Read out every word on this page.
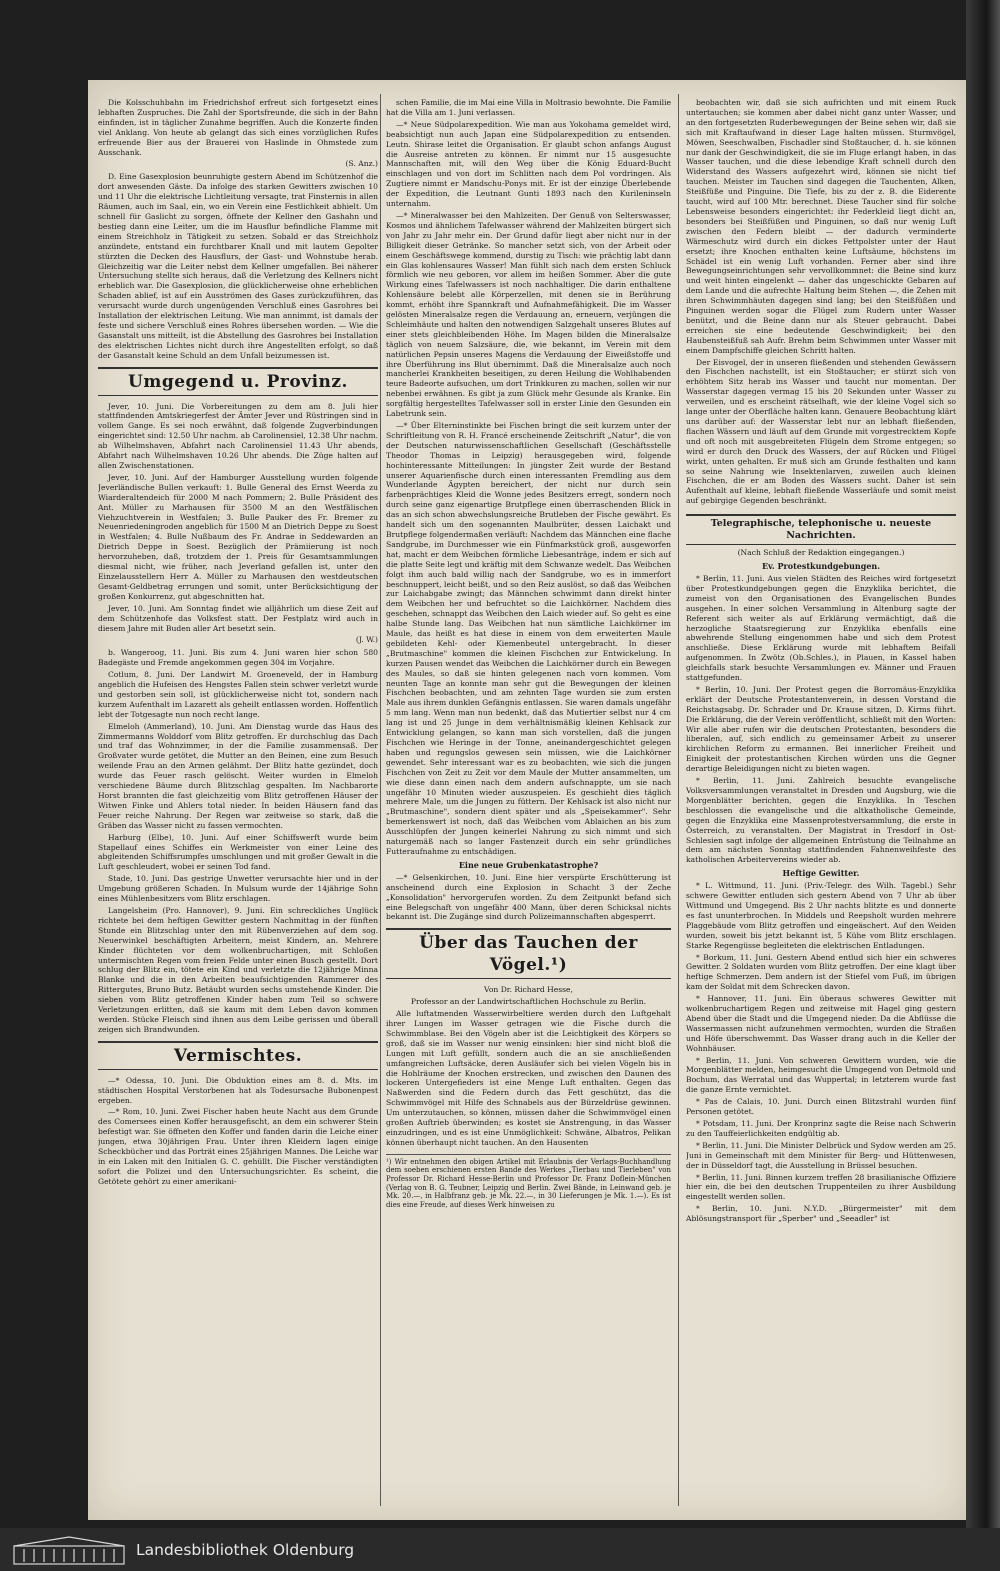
Die Kolsschuhbahn im Friedrichshof erfreut sich fortgesetzt eines lebhaften Zuspruches. Die Zahl der Sportsfreunde, die sich in der Bahn einfinden, ist in täglicher Zunahme begriffen. Auch die Konzerte finden viel Anklang. Von heute ab gelangt das sich eines vorzüglichen Rufes erfreuende Bier aus der Brauerei von Haslinde in Ohmstede zum Ausschank.

(S. Anz.)

D. Eine Gasexplosion beunruhigte gestern Abend im Schützenhof die dort anwesenden Gäste. Da infolge des starken Gewitters zwischen 10 und 11 Uhr die elektrische Lichtleitung versagte, trat Finsternis in allen Räumen, auch im Saal, ein, wo ein Verein eine Festlichkeit abhielt. Um schnell für Gaslicht zu sorgen, öffnete der Kellner den Gashahn und bestieg dann eine Leiter, um die im Hausflur befindliche Flamme mit einem Streichholz in Tätigkeit zu setzen. Sobald er das Streichholz anzündete, entstand ein furchtbarer Knall und mit lautem Gepolter stürzten die Decken des Hausflurs, der Gast- und Wohnstube herab. Gleichzeitig war die Leiter nebst dem Kellner umgefallen. Bei näherer Untersuchung stellte sich heraus, daß die Verletzung des Kellners nicht erheblich war. Die Gasexplosion, die glücklicherweise ohne erheblichen Schaden ablief, ist auf ein Ausströmen des Gases zurückzuführen, das verursacht wurde durch ungenügenden Verschluß eines Gasrohres bei Installation der elektrischen Leitung. Wie man annimmt, ist damals der feste und sichere Verschluß eines Rohres übersehen worden. — Wie die Gasanstalt uns mitteilt, ist die Abstellung des Gasrohres bei Installation des elektrischen Lichtes nicht durch ihre Angestellten erfolgt, so daß der Gasanstalt keine Schuld an dem Unfall beizumessen ist.

Umgegend u. Provinz.

Jever, 10. Juni. Die Vorbereitungen zu dem am 8. Juli hier stattfindenden Amtskriegerfest der Ämter Jever und Rüstringen sind in vollem Gange. Es sei noch erwähnt, daß folgende Zugverbindungen eingerichtet sind: 12.50 Uhr nachm. ab Carolinensiel, 12.38 Uhr nachm. ab Wilhelmshaven, Abfahrt nach Carolinensiel 11.43 Uhr abends, Abfahrt nach Wilhelmshaven 10.26 Uhr abends. Die Züge halten auf allen Zwischenstationen.

Jever, 10. Juni. Auf der Hamburger Ausstellung wurden folgende Jeverländische Bullen verkauft: 1. Bulle General des Ernst Weerda zu Wiarderaltendeich für 2000 M nach Pommern; 2. Bulle Präsident des Ant. Müller zu Marhausen für 3500 M an den Westfälischen Viehzuchtverein in Westfalen; 3. Bulle Pauker des Fr. Bremer zu Neuenriedeningroden angeblich für 1500 M an Dietrich Deppe zu Soest in Westfalen; 4. Bulle Nußbaum des Fr. Andrae in Seddewarden an Dietrich Deppe in Soest. Bezüglich der Prämiierung ist noch hervorzuheben, daß, trotzdem der 1. Preis für Gesamtsammlungen diesmal nicht, wie früher, nach Jeverland gefallen ist, unter den Einzelausstellern Herr A. Müller zu Marhausen den westdeutschen Gesamt-Geldbetrag errungen und somit, unter Berücksichtigung der großen Konkurrenz, gut abgeschnitten hat.

Jever, 10. Juni. Am Sonntag findet wie alljährlich um diese Zeit auf dem Schützenhofe das Volksfest statt. Der Festplatz wird auch in diesem Jahre mit Buden aller Art besetzt sein.

(J. W.)

b. Wangeroog, 11. Juni. Bis zum 4. Juni waren hier schon 580 Badegäste und Fremde angekommen gegen 304 im Vorjahre.

Cotlum, 8. Juni. Der Landwirt M. Groeneveld, der in Hamburg angeblich die Hufeisen des Hengstes Fallen stein schwer verletzt wurde und gestorben sein soll, ist glücklicherweise nicht tot, sondern nach kurzem Aufenthalt im Lazarett als geheilt entlassen worden. Hoffentlich lebt der Totgesagte nun noch recht lange.

Elmeloh (Ammerland), 10. Juni. Am Dienstag wurde das Haus des Zimmermanns Wolddorf vom Blitz getroffen. Er durchschlug das Dach und traf das Wohnzimmer, in der die Familie zusammensaß. Der Großvater wurde getötet, die Mutter an den Beinen, eine zum Besuch weilende Frau an den Armen gelähmt. Der Blitz hatte gezündet, doch wurde das Feuer rasch gelöscht. Weiter wurden in Elmeloh verschiedene Bäume durch Blitzschlag gespalten. Im Nachbarorte Horst brannten die fast gleichzeitig vom Blitz getroffenen Häuser der Witwen Finke und Ahlers total nieder. In beiden Häusern fand das Feuer reiche Nahrung. Der Regen war zeitweise so stark, daß die Gräben das Wasser nicht zu fassen vermochten.

Harburg (Elbe), 10. Juni. Auf einer Schiffswerft wurde beim Stapellauf eines Schiffes ein Werkmeister von einer Leine des abgleitenden Schiffsrumpfes umschlungen und mit großer Gewalt in die Luft geschleudert, wobei er seinen Tod fand.

Stade, 10. Juni. Das gestrige Unwetter verursachte hier und in der Umgebung größeren Schaden. In Mulsum wurde der 14jährige Sohn eines Mühlenbesitzers vom Blitz erschlagen.

Langelsheim (Pro. Hannover), 9. Juni. Ein schreckliches Unglück richtete bei dem heftigen Gewitter gestern Nachmittag in der fünften Stunde ein Blitzschlag unter den mit Rübenverziehen auf dem sog. Neuerwinkel beschäftigten Arbeitern, meist Kindern, an. Mehrere Kinder flüchteten vor dem wolkenbruchartigen, mit Schloßen untermischten Regen vom freien Felde unter einen Busch gestellt. Dort schlug der Blitz ein, tötete ein Kind und verletzte die 12jährige Minna Blanke und die in den Arbeiten beaufsichtigenden Rammerer des Rittergutes, Bruno Butz. Betäubt wurden sechs umstehende Kinder. Die sieben vom Blitz getroffenen Kinder haben zum Teil so schwere Verletzungen erlitten, daß sie kaum mit dem Leben davon kommen werden. Stücke Fleisch sind ihnen aus dem Leibe gerissen und überall zeigen sich Brandwunden.

Vermischtes.

—* Odessa, 10. Juni. Die Obduktion eines am 8. d. Mts. im städtischen Hospital Verstorbenen hat als Todesursache Bubonenpest ergeben.

—* Rom, 10. Juni. Zwei Fischer haben heute Nacht aus dem Grunde des Comersees einen Koffer herausgefischt, an dem ein schwerer Stein befestigt war. Sie öffneten den Koffer und fanden darin die Leiche einer jungen, etwa 30jährigen Frau. Unter ihren Kleidern lagen einige Scheckbücher und das Porträt eines 25jährigen Mannes. Die Leiche war in ein Laken mit den Initialen G. C. gehüllt. Die Fischer verständigten sofort die Polizei und den Untersuchungsrichter. Es scheint, die Getötete gehört zu einer amerikani-

schen Familie, die im Mai eine Villa in Moltrasio bewohnte. Die Familie hat die Villa am 1. Juni verlassen.

—* Neue Südpolarexpedition. Wie man aus Yokohama gemeldet wird, beabsichtigt nun auch Japan eine Südpolarexpedition zu entsenden. Leutn. Shirase leitet die Organisation. Er glaubt schon anfangs August die Ausreise antreten zu können. Er nimmt nur 15 ausgesuchte Mannschaften mit, will den Weg über die König Eduard-Bucht einschlagen und von dort im Schlitten nach dem Pol vordringen. Als Zugtiere nimmt er Mandschu-Ponys mit. Er ist der einzige Überlebende der Expedition, die Leutnant Gunti 1893 nach den Kurileninseln unternahm.

—* Mineralwasser bei den Mahlzeiten. Der Genuß von Selterswasser, Kosmos und ähnlichem Tafelwasser während der Mahlzeiten bürgert sich von Jahr zu Jahr mehr ein. Der Grund dafür liegt aber nicht nur in der Billigkeit dieser Getränke. So mancher setzt sich, von der Arbeit oder einem Geschäftswege kommend, durstig zu Tisch: wie prächtig labt dann ein Glas kohlensaures Wasser! Man fühlt sich nach dem ersten Schluck förmlich wie neu geboren, vor allem im heißen Sommer. Aber die gute Wirkung eines Tafelwassers ist noch nachhaltiger. Die darin enthaltene Kohlensäure belebt alle Körperzellen, mit denen sie in Berührung kommt, erhöht ihre Spannkraft und Aufnahmefähigkeit. Die im Wasser gelösten Mineralsalze regen die Verdauung an, erneuern, verjüngen die Schleimhäute und halten den notwendigen Salzgehalt unseres Blutes auf einer stets gleichbleibenden Höhe. Im Magen bilden die Mineralsalze täglich von neuem Salzsäure, die, wie bekannt, im Verein mit dem natürlichen Pepsin unseres Magens die Verdauung der Eiweißstoffe und ihre Überführung ins Blut übernimmt. Daß die Mineralsalze auch noch mancherlei Krankheiten beseitigen, zu deren Heilung die Wohlhabenden teure Badeorte aufsuchen, um dort Trinkkuren zu machen, sollen wir nur nebenbei erwähnen. Es gibt ja zum Glück mehr Gesunde als Kranke. Ein sorgfältig hergestelltes Tafelwasser soll in erster Linie den Gesunden ein Labetrunk sein.

—* Über Elterninstinkte bei Fischen bringt die seit kurzem unter der Schriftleitung von R. H. Francé erscheinende Zeitschrift „Natur", die von der Deutschen naturwissenschaftlichen Gesellschaft (Geschäftsstelle Theodor Thomas in Leipzig) herausgegeben wird, folgende hochinteressante Mitteilungen: In jüngster Zeit wurde der Bestand unserer Aquarienfische durch einen interessanten Fremdling aus dem Wunderlande Ägypten bereichert, der nicht nur durch sein farbenprächtiges Kleid die Wonne jedes Besitzers erregt, sondern noch durch seine ganz eigenartige Brutpflege einen überraschenden Blick in das an sich schon abwechslungsreiche Brutleben der Fische gewährt. Es handelt sich um den sogenannten Maulbrüter, dessen Laichakt und Brutpflege folgendermaßen verläuft: Nachdem das Männchen eine flache Sandgrube, im Durchmesser wie ein Fünfmarkstück groß, ausgeworfen hat, macht er dem Weibchen förmliche Liebesanträge, indem er sich auf die platte Seite legt und kräftig mit dem Schwanze wedelt. Das Weibchen folgt ihm auch bald willig nach der Sandgrube, wo es in immerfort beschnuppert, leicht beißt, und so den Reiz auslöst, so daß das Weibchen zur Laichabgabe zwingt; das Männchen schwimmt dann direkt hinter dem Weibchen her und befruchtet so die Laichkörner. Nachdem dies geschehen, schnappt das Weibchen den Laich wieder auf. So geht es eine halbe Stunde lang. Das Weibchen hat nun sämtliche Laichkörner im Maule, das heißt es hat diese in einem von dem erweiterten Maule gebildeten Kehl- oder Kiemenbeutel untergebracht. In dieser „Brutmaschine" kommen die kleinen Fischchen zur Entwickelung. In kurzen Pausen wendet das Weibchen die Laichkörner durch ein Bewegen des Maules, so daß sie hinten gelegenen nach vorn kommen. Vom neunten Tage an konnte man sehr gut die Bewegungen der kleinen Fischchen beobachten, und am zehnten Tage wurden sie zum ersten Male aus ihrem dunklen Gefängnis entlassen. Sie waren damals ungefähr 5 mm lang. Wenn man nun bedenkt, daß das Mutiertier selbst nur 4 cm lang ist und 25 Junge in dem verhältnismäßig kleinen Kehlsack zur Entwicklung gelangen, so kann man sich vorstellen, daß die jungen Fischchen wie Heringe in der Tonne, aneinandergeschichtet gelegen haben und regungslos gewesen sein müssen, wie die Laichkörner gewendet. Sehr interessant war es zu beobachten, wie sich die jungen Fischchen von Zeit zu Zeit vor dem Maule der Mutter ansammelten, um wie diese dann einen nach dem andern aufschnappte, um sie nach ungefähr 10 Minuten wieder auszuspeien. Es geschieht dies täglich mehrere Male, um die Jungen zu füttern. Der Kehlsack ist also nicht nur „Brutmaschine", sondern dient später und als „Speisekammer". Sehr bemerkenswert ist noch, daß das Weibchen vom Ablaichen an bis zum Ausschlüpfen der Jungen keinerlei Nahrung zu sich nimmt und sich naturgemäß nach so langer Fastenzeit durch ein sehr gründliches Futteraufnahme zu entschädigen.

Eine neue Grubenkatastrophe?

—* Gelsenkirchen, 10. Juni. Eine hier verspürte Erschütterung ist anscheinend durch eine Explosion in Schacht 3 der Zeche „Konsolidation" hervorgerufen worden. Zu dem Zeitpunkt befand sich eine Belegschaft von ungefähr 400 Mann, über deren Schicksal nichts bekannt ist. Die Zugänge sind durch Polizeimannschaften abgesperrt.

Über das Tauchen der Vögel.¹)

Von Dr. Richard Hesse,

Professor an der Landwirtschaftlichen Hochschule zu Berlin.

Alle luftatmenden Wasserwirbeltiere werden durch den Luftgehalt ihrer Lungen im Wasser getragen wie die Fische durch die Schwimmblase. Bei den Vögeln aber ist die Leichtigkeit des Körpers so groß, daß sie im Wasser nur wenig einsinken: hier sind nicht bloß die Lungen mit Luft gefüllt, sondern auch die an sie anschließenden umfangreichen Luftsäcke, deren Ausläufer sich bei vielen Vögeln bis in die Hohlräume der Knochen erstrecken, und zwischen den Daunen des lockeren Untergefieders ist eine Menge Luft enthalten. Gegen das Naßwerden sind die Federn durch das Fett geschützt, das die Schwimmvögel mit Hilfe des Schnabels aus der Bürzeldrüse gewinnen. Um unterzutauchen, so können, müssen daher die Schwimmvögel einen großen Auftrieb überwinden; es kostet sie Anstrengung, in das Wasser einzudringen, und es ist eine Unmöglichkeit: Schwäne, Albatros, Pelikan können überhaupt nicht tauchen. An den Hausenten

¹) Wir entnehmen den obigen Artikel mit Erlaubnis der Verlags-Buchhandlung dem soeben erschienen ersten Bande des Werkes „Tierbau und Tierleben" von Professor Dr. Richard Hesse-Berlin und Professor Dr. Franz Doflein-München (Verlag von B. G. Teubner, Leipzig und Berlin. Zwei Bände, in Leinwand geb. je Mk. 20.—, in Halbfranz geb. je Mk. 22.—, in 30 Lieferungen je Mk. 1.—). Es ist dies eine Freude, auf dieses Werk hinweisen zu

beobachten wir, daß sie sich aufrichten und mit einem Ruck untertauchen; sie kommen aber dabei nicht ganz unter Wasser, und an den fortgesetzten Ruderbewegungen der Beine sehen wir, daß sie sich mit Kraftaufwand in dieser Lage halten müssen. Sturmvögel, Möwen, Seeschwalben, Fischadler sind Stoßtaucher, d. h. sie können nur dank der Geschwindigkeit, die sie im Fluge erlangt haben, in das Wasser tauchen, und die diese lebendige Kraft schnell durch den Widerstand des Wassers aufgezehrt wird, können sie nicht tief tauchen. Meister im Tauchen sind dagegen die Tauchenten, Alken, Steißfüße und Pinguine. Die Tiefe, bis zu der z. B. die Eiderente taucht, wird auf 100 Mtr. berechnet. Diese Taucher sind für solche Lebensweise besonders eingerichtet: ihr Federkleid liegt dicht an, besonders bei Steißfüßen und Pinguinen, so daß nur wenig Luft zwischen den Federn bleibt — der dadurch verminderte Wärmeschutz wird durch ein dickes Fettpolster unter der Haut ersetzt; ihre Knochen enthalten keine Luftsäume, höchstens im Schädel ist ein wenig Luft vorhanden. Ferner aber sind ihre Bewegungseinrichtungen sehr vervollkommnet: die Beine sind kurz und weit hinten eingelenkt — daher das ungeschickte Gebaren auf dem Lande und die aufrechte Haltung beim Stehen —, die Zehen mit ihren Schwimmhäuten dagegen sind lang; bei den Steißfüßen und Pinguinen werden sogar die Flügel zum Rudern unter Wasser benützt, und die Beine dann nur als Steuer gebraucht. Dabei erreichen sie eine bedeutende Geschwindigkeit; bei den Haubensteißfuß sah Aufr. Brehm beim Schwimmen unter Wasser mit einem Dampfschiffe gleichen Schritt halten.

Der Eisvogel, der in unseren fließenden und stehenden Gewässern den Fischchen nachstellt, ist ein Stoßtaucher; er stürzt sich von erhöhtem Sitz herab ins Wasser und taucht nur momentan. Der Wasserstar dagegen vermag 15 bis 20 Sekunden unter Wasser zu verweilen, und es erscheint rätselhaft, wie der kleine Vogel sich so lange unter der Oberfläche halten kann. Genauere Beobachtung klärt uns darüber auf: der Wasserstar lebt nur an lebhaft fließenden, flachen Wässern und läuft auf dem Grunde mit vorgestrecktem Kopfe und oft noch mit ausgebreiteten Flügeln dem Strome entgegen; so wird er durch den Druck des Wassers, der auf Rücken und Flügel wirkt, unten gehalten. Er muß sich am Grunde festhalten und kann so seine Nahrung wie Insektenlarven, zuweilen auch kleinen Fischchen, die er am Boden des Wassers sucht. Daher ist sein Aufenthalt auf kleine, lebhaft fließende Wasserläufe und somit meist auf gebirgige Gegenden beschränkt.

Telegraphische, telephonische u. neueste Nachrichten.

(Nach Schluß der Redaktion eingegangen.)

Ev. Protestkundgebungen.

* Berlin, 11. Juni. Aus vielen Städten des Reiches wird fortgesetzt über Protestkundgebungen gegen die Enzyklika berichtet, die zumeist von den Organisationen des Evangelischen Bundes ausgehen. In einer solchen Versammlung in Altenburg sagte der Referent sich weiter als auf Erklärung vermächtigt, daß die herzogliche Staatsregierung zur Enzyklika ebenfalls eine abwehrende Stellung eingenommen habe und sich dem Protest anschließe. Diese Erklärung wurde mit lebhaftem Beifall aufgenommen. In Zwötz (Ob.Schles.), in Plauen, in Kassel haben gleichfalls stark besuchte Versammlungen ev. Männer und Frauen stattgefunden.

* Berlin, 10. Juni. Der Protest gegen die Borromäus-Enzyklika erklärt der Deutsche Protestantenverein, in dessen Vorstand die Reichstagsabg. Dr. Schrader und Dr. Krause sitzen, D. Kirms führt. Die Erklärung, die der Verein veröffentlicht, schließt mit den Worten: Wir alle aber rufen wir die deutschen Protestanten, besonders die liberalen, auf, sich endlich zu gemeinsamer Arbeit zu unserer kirchlichen Reform zu ermannen. Bei innerlicher Freiheit und Einigkeit der protestantischen Kirchen würden uns die Gegner derartige Beleidigungen nicht zu bieten wagen.

* Berlin, 11. Juni. Zahlreich besuchte evangelische Volksversammlungen veranstaltet in Dresden und Augsburg, wie die Morgenblätter berichten, gegen die Enzyklika. In Teschen beschlossen die evangelische und die altkatholische Gemeinde, gegen die Enzyklika eine Massenprotestversammlung, die erste in Österreich, zu veranstalten. Der Magistrat in Tresdorf in Ost-Schlesien sagt infolge der allgemeinen Entrüstung die Teilnahme an dem am nächsten Sonntag stattfindenden Fahnenweihfeste des katholischen Arbeitervereins wieder ab.

Heftige Gewitter.

* L. Wittmund, 11. Juni. (Priv.-Telegr. des Wilh. Tagebl.) Sehr schwere Gewitter entluden sich gestern Abend von 7 Uhr ab über Wittmund und Umgegend. Bis 2 Uhr nachts blitzte es und donnerte es fast ununterbrochen. In Middels und Reepsholt wurden mehrere Plaggebäude vom Blitz getroffen und eingeäschert. Auf den Weiden wurden, soweit bis jetzt bekannt ist, 5 Kühe vom Blitz erschlagen. Starke Regengüsse begleiteten die elektrischen Entladungen.

* Borkum, 11. Juni. Gestern Abend entlud sich hier ein schweres Gewitter. 2 Soldaten wurden vom Blitz getroffen. Der eine klagt über heftige Schmerzen. Dem andern ist der Stiefel vom Fuß, im übrigen kam der Soldat mit dem Schrecken davon.

* Hannover, 11. Juni. Ein überaus schweres Gewitter mit wolkenbruchartigem Regen und zeitweise mit Hagel ging gestern Abend über die Stadt und die Umgegend nieder. Da die Abflüsse die Wassermassen nicht aufzunehmen vermochten, wurden die Straßen und Höfe überschwemmt. Das Wasser drang auch in die Keller der Wohnhäuser.

* Berlin, 11. Juni. Von schweren Gewittern wurden, wie die Morgenblätter melden, heimgesucht die Umgegend von Detmold und Bochum, das Werratal und das Wuppertal; in letzterem wurde fast die ganze Ernte vernichtet.

* Pas de Calais, 10. Juni. Durch einen Blitzstrahl wurden fünf Personen getötet.

* Potsdam, 11. Juni. Der Kronprinz sagte die Reise nach Schwerin zu den Tauffeierlichkeiten endgültig ab.

* Berlin, 11. Juni. Die Minister Delbrück und Sydow werden am 25. Juni in Gemeinschaft mit dem Minister für Berg- und Hüttenwesen, der in Düsseldorf tagt, die Ausstellung in Brüssel besuchen.

* Berlin, 11. Juni. Binnen kurzem treffen 28 brasilianische Offiziere hier ein, die bei den deutschen Truppenteilen zu ihrer Ausbildung eingestellt werden sollen.

* Berlin, 10. Juni. N.Y.D. „Bürgermeister" mit dem Ablösungstransport für „Sperber" und „Seeadler" ist

Landesbibliothek Oldenburg
